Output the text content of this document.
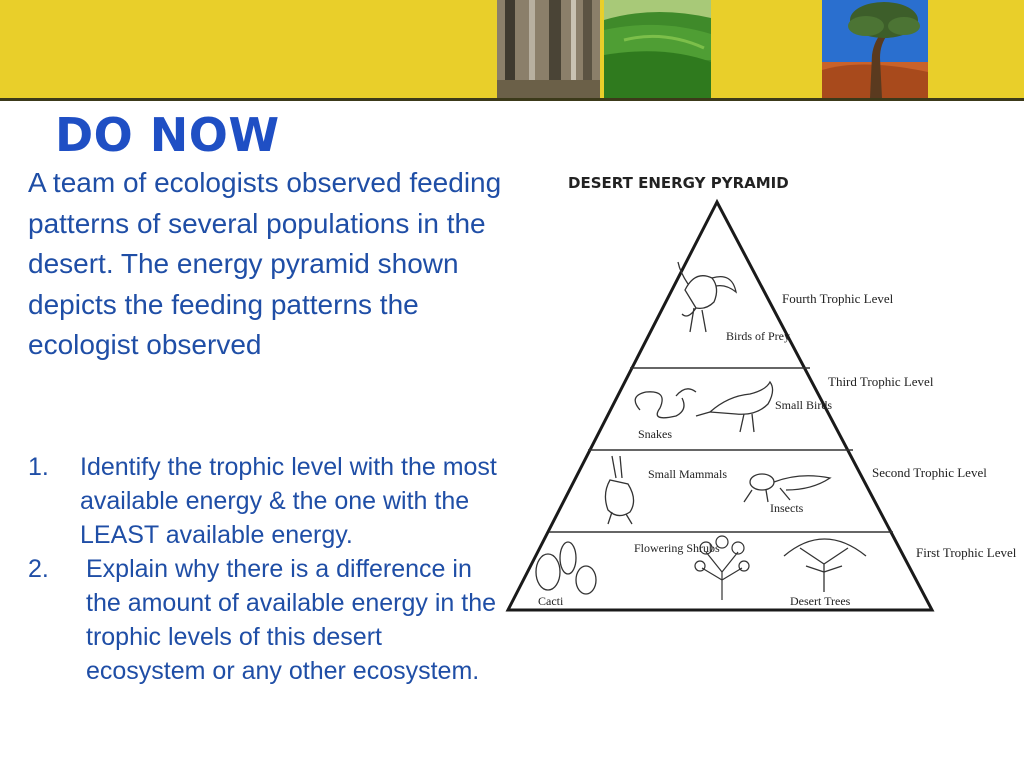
DO NOW

A team of ecologists observed feeding patterns of several populations in the desert. The energy pyramid shown depicts the feeding patterns the ecologist observed

1. Identify the trophic level with the most available energy & the one with the LEAST available energy.
2. Explain why there is a difference in the amount of available energy in the trophic levels of this desert ecosystem or any other ecosystem.
DESERT ENERGY PYRAMID
Birds of Prey
Fourth Trophic Level
Snakes
Small Birds
Third Trophic Level
Small Mammals
Insects
Second Trophic Level
Cacti
Flowering Shrubs
Desert Trees
First Trophic Level
